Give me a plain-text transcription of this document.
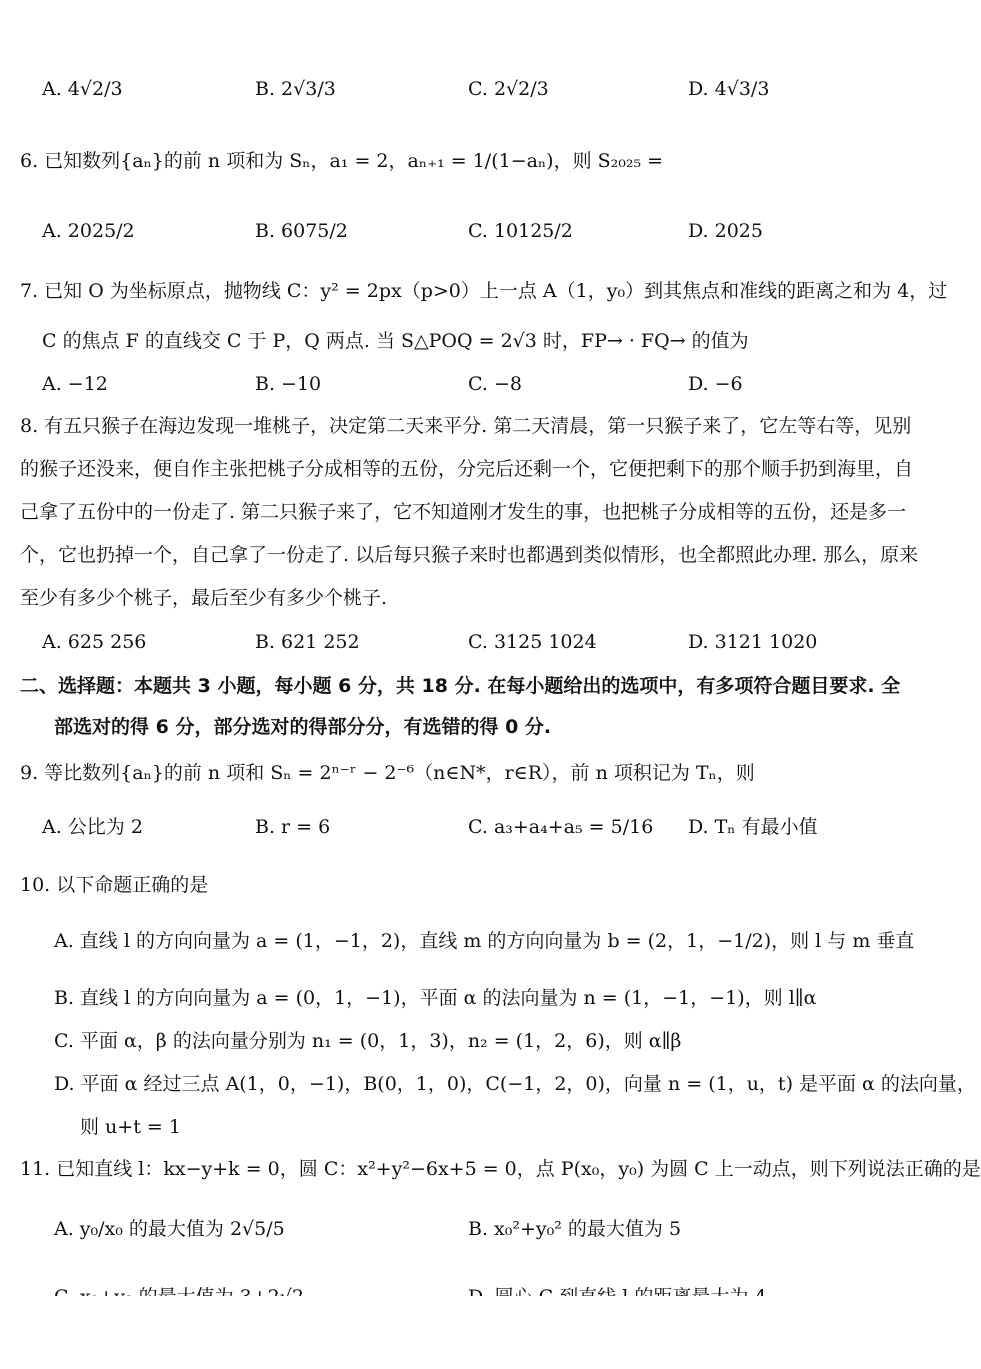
A. 4√2/3	B. 2√3/3	C. 2√2/3	D. 4√3/3
6. 已知数列{aₙ}的前 n 项和为 Sₙ，a₁ = 2，aₙ₊₁ = 1/(1−aₙ)，则 S₂₀₂₅ =
A. 2025/2	B. 6075/2	C. 10125/2	D. 2025
7. 已知 O 为坐标原点，抛物线 C：y² = 2px（p>0）上一点 A（1，y₀）到其焦点和准线的距离之和为 4，过
C 的焦点 F 的直线交 C 于 P，Q 两点. 当 S△POQ = 2√3 时，FP→ · FQ→ 的值为
A. −12	B. −10	C. −8	D. −6
8. 有五只猴子在海边发现一堆桃子，决定第二天来平分. 第二天清晨，第一只猴子来了，它左等右等，见别的猴子还没来，便自作主张把桃子分成相等的五份，分完后还剩一个，它便把剩下的那个顺手扔到海里，自己拿了五份中的一份走了. 第二只猴子来了，它不知道刚才发生的事，也把桃子分成相等的五份，还是多一个，它也扔掉一个，自己拿了一份走了. 以后每只猴子来时也都遇到类似情形，也全都照此办理. 那么，原来至少有多少个桃子，最后至少有多少个桃子.
A. 625 256	B. 621 252	C. 3125 1024	D. 3121 1020
二、选择题：本题共 3 小题，每小题 6 分，共 18 分. 在每小题给出的选项中，有多项符合题目要求. 全
部选对的得 6 分，部分选对的得部分分，有选错的得 0 分.
9. 等比数列{aₙ}的前 n 项和 Sₙ = 2ⁿ⁻ʳ − 2⁻⁶（n∈N*，r∈R），前 n 项积记为 Tₙ，则
A. 公比为 2	B. r = 6	C. a₃+a₄+a₅ = 5/16 D. Tₙ 有最小值
10. 以下命题正确的是
A. 直线 l 的方向向量为 a = (1，−1，2)，直线 m 的方向向量为 b = (2，1，−1/2)，则 l 与 m 垂直
B. 直线 l 的方向向量为 a = (0，1，−1)，平面 α 的法向量为 n = (1，−1，−1)，则 l∥α
C. 平面 α，β 的法向量分别为 n₁ = (0，1，3)，n₂ = (1，2，6)，则 α∥β
D. 平面 α 经过三点 A(1，0，−1)，B(0，1，0)，C(−1，2，0)，向量 n = (1，u，t) 是平面 α 的法向量，
则 u+t = 1
11. 已知直线 l：kx−y+k = 0，圆 C：x²+y²−6x+5 = 0，点 P(x₀，y₀) 为圆 C 上一动点，则下列说法正确的是
A. y₀/x₀ 的最大值为 2√5/5	B. x₀²+y₀² 的最大值为 5
